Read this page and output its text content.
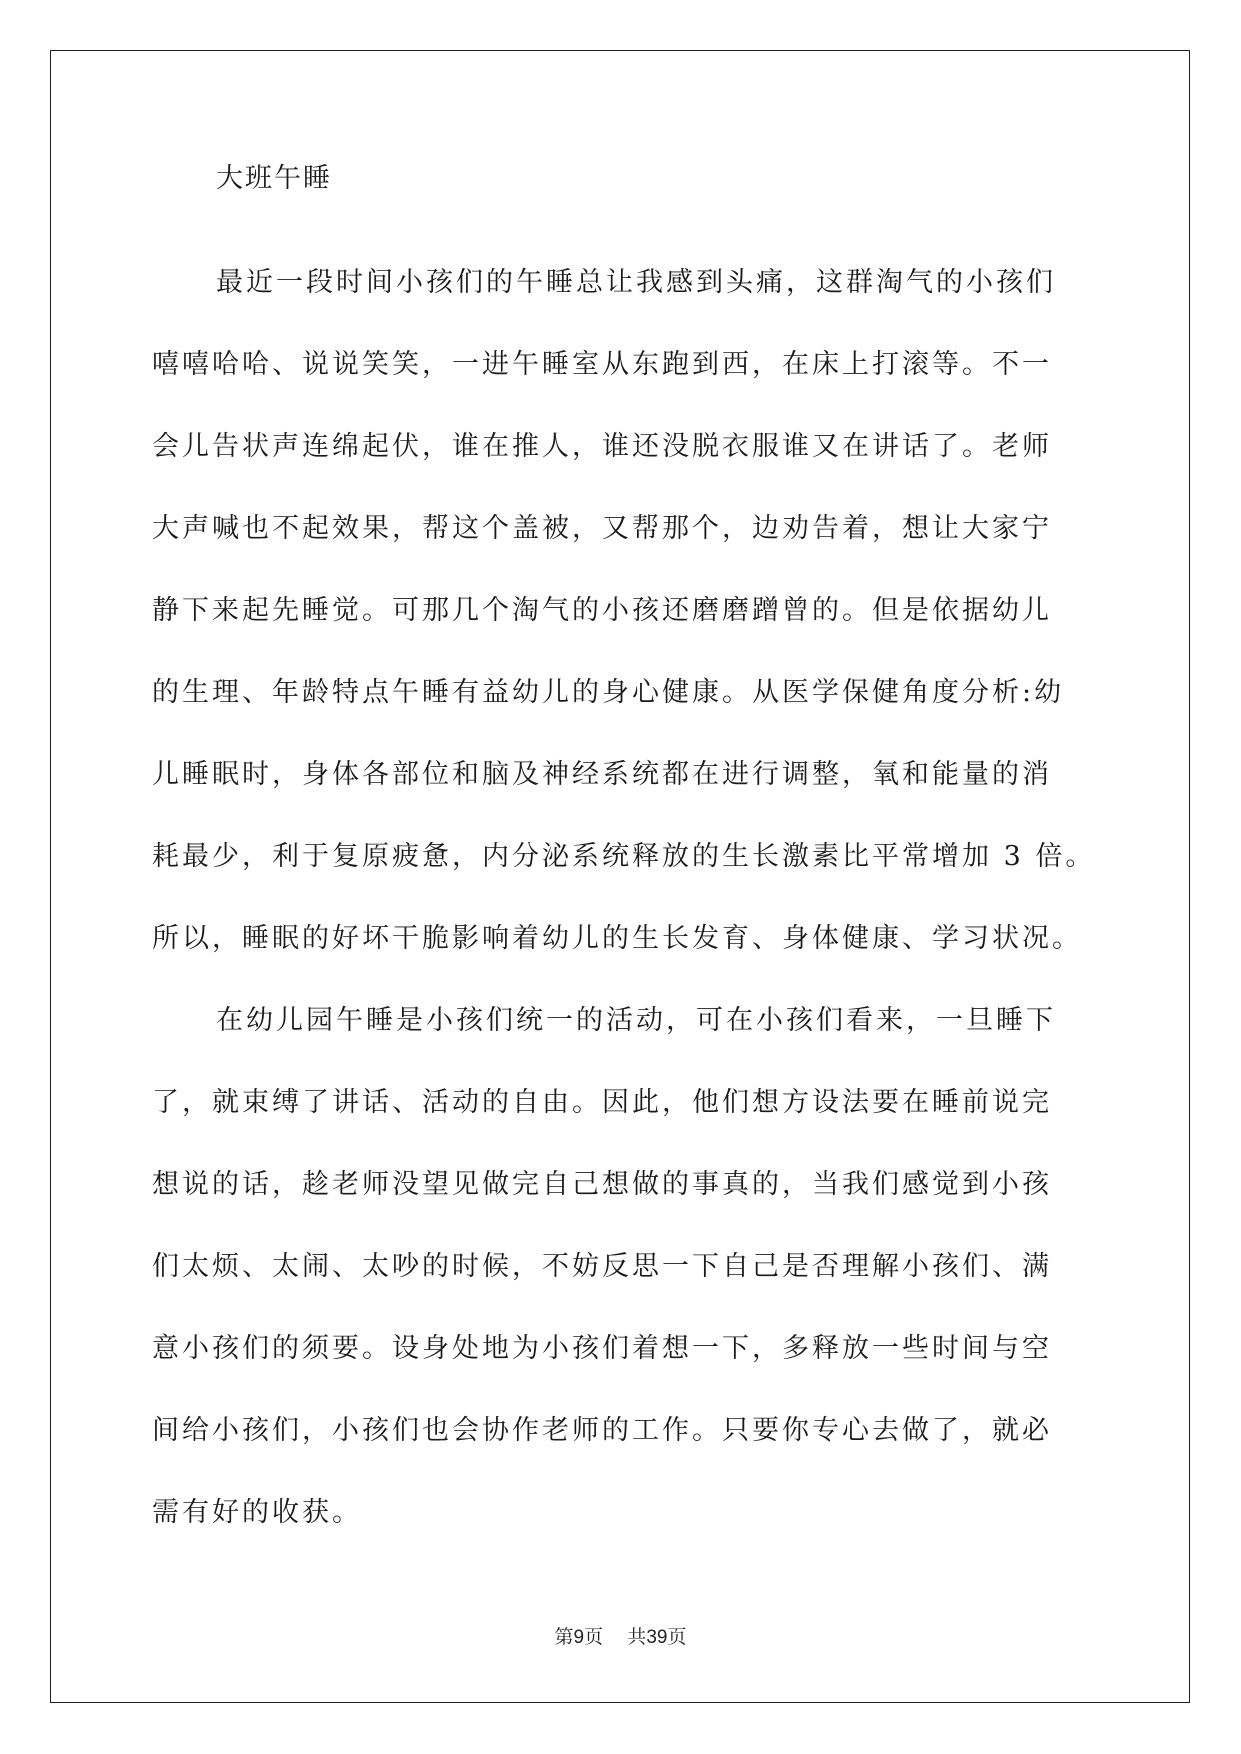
大班午睡
最近一段时间小孩们的午睡总让我感到头痛，这群淘气的小孩们
嘻嘻哈哈、说说笑笑，一进午睡室从东跑到西，在床上打滚等。不一
会儿告状声连绵起伏，谁在推人，谁还没脱衣服谁又在讲话了。老师
大声喊也不起效果，帮这个盖被，又帮那个，边劝告着，想让大家宁
静下来起先睡觉。可那几个淘气的小孩还磨磨蹭曾的。但是依据幼儿
的生理、年龄特点午睡有益幼儿的身心健康。从医学保健角度分析:幼
儿睡眠时，身体各部位和脑及神经系统都在进行调整，氧和能量的消
耗最少，利于复原疲惫，内分泌系统释放的生长激素比平常增加 3 倍。
所以，睡眠的好坏干脆影响着幼儿的生长发育、身体健康、学习状况。
在幼儿园午睡是小孩们统一的活动，可在小孩们看来，一旦睡下
了，就束缚了讲话、活动的自由。因此，他们想方设法要在睡前说完
想说的话，趁老师没望见做完自己想做的事真的，当我们感觉到小孩
们太烦、太闹、太吵的时候，不妨反思一下自己是否理解小孩们、满
意小孩们的须要。设身处地为小孩们着想一下，多释放一些时间与空
间给小孩们，小孩们也会协作老师的工作。只要你专心去做了，就必
需有好的收获。
第9页 共39页
